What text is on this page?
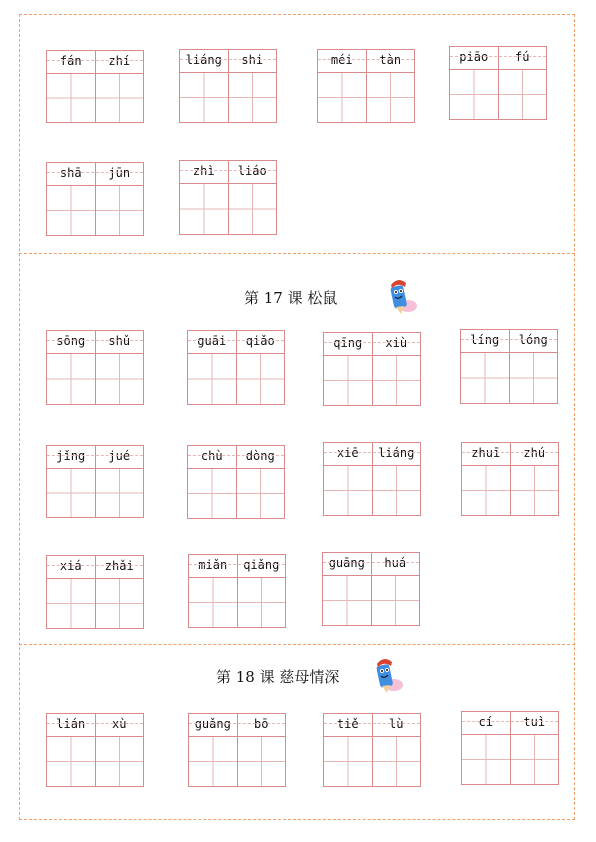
fán	zhí	liáng	shi	méi	tàn	piāo	fú
shā	jūn	zhì	liáo
第 17 课 松鼠
sōng	shǔ	guāi	qiǎo	qīng	xiù	líng	lóng
jǐng	jué	chù	dòng	xiē	liáng	zhuī	zhú
xiá	zhǎi	miǎn	qiǎng	guāng	huá
第 18 课 慈母情深
lián	xù	guǎng	bō	tiě	lù	cí	tuì
